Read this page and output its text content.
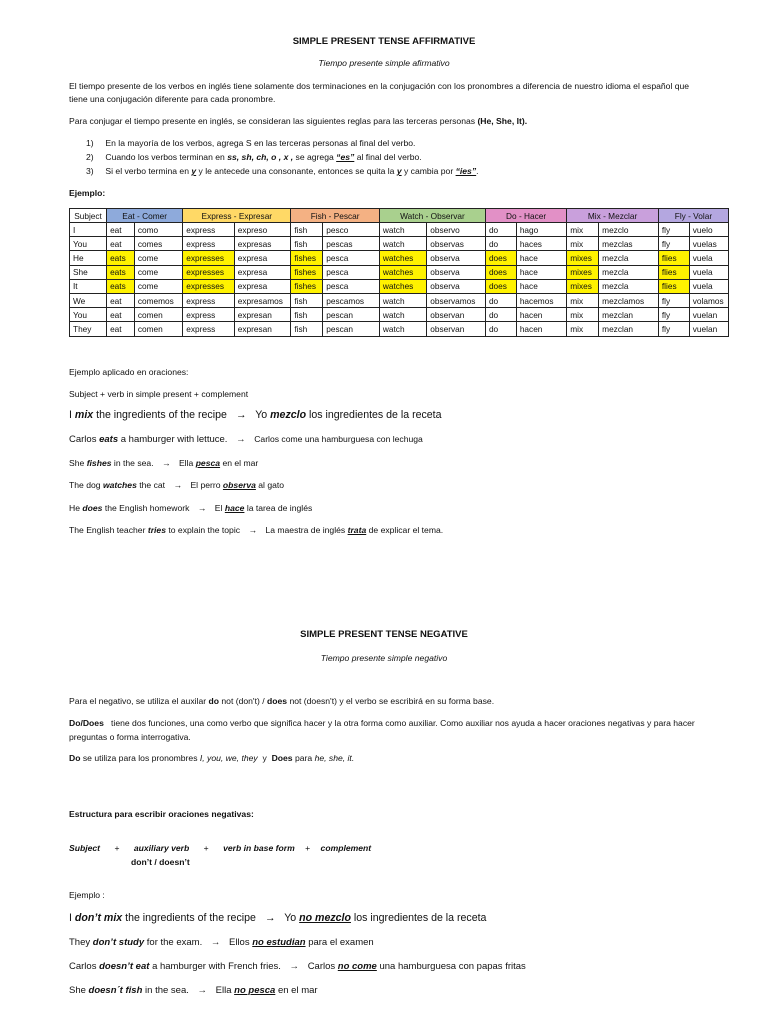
SIMPLE PRESENT TENSE AFFIRMATIVE
Tiempo presente simple afirmativo
El tiempo presente de los verbos en inglés tiene solamente dos terminaciones en la conjugación con los pronombres a diferencia de nuestro idioma el español que tiene una conjugación diferente para cada pronombre.
Para conjugar el tiempo presente en inglés, se consideran las siguientes reglas para las terceras personas (He, She, It).
1) En la mayoría de los verbos, agrega S en las terceras personas al final del verbo.
2) Cuando los verbos terminan en ss, sh, ch, o , x , se agrega “es” al final del verbo.
3) Si el verbo termina en y y le antecede una consonante, entonces se quita la y y cambia por “ies”.
Ejemplo:
Subject	Eat - Comer		Express - Expresar		Fish - Pescar		Watch - Observar		Do - Hacer		Mix - Mezclar		Fly - Volar	
I	eat	como	express	expreso	fish	pesco	watch	observo	do	hago	mix	mezclo	fly	vuelo
You	eat	comes	express	expresas	fish	pescas	watch	observas	do	haces	mix	mezclas	fly	vuelas
He	eats	come	expresses	expresa	fishes	pesca	watches	observa	does	hace	mixes	mezcla	flies	vuela
She	eats	come	expresses	expresa	fishes	pesca	watches	observa	does	hace	mixes	mezcla	flies	vuela
It	eats	come	expresses	expresa	fishes	pesca	watches	observa	does	hace	mixes	mezcla	flies	vuela
We	eat	comemos	express	expresamos	fish	pescamos	watch	observamos	do	hacemos	mix	mezclamos	fly	volamos
You	eat	comen	express	expresan	fish	pescan	watch	observan	do	hacen	mix	mezclan	fly	vuelan
They	eat	comen	express	expresan	fish	pescan	watch	observan	do	hacen	mix	mezclan	fly	vuelan
Ejemplo aplicado en oraciones:
Subject + verb in simple present + complement
I mix the ingredients of the recipe → Yo mezclo los ingredientes de la receta
Carlos eats a hamburger with lettuce. → Carlos come una hamburguesa con lechuga
She fishes in the sea. → Ella pesca en el mar
The dog watches the cat → El perro observa al gato
He does the English homework → El hace la tarea de inglés
The English teacher tries to explain the topic → La maestra de inglés trata de explicar el tema.
SIMPLE PRESENT TENSE NEGATIVE
Tiempo presente simple negativo
Para el negativo, se utiliza el auxilar do not (don't) / does not (doesn't) y el verbo se escribirá en su forma base.
Do/Does tiene dos funciones, una como verbo que significa hacer y la otra forma como auxiliar. Como auxiliar nos ayuda a hacer oraciones negativas y para hacer preguntas o forma interrogativa.
Do se utiliza para los pronombres I, you, we, they y Does para he, she, it.
Estructura para escribir oraciones negativas:
Subject + auxiliary verb + verb in base form + complement
don’t / doesn’t
Ejemplo :
I don’t mix the ingredients of the recipe → Yo no mezclo los ingredientes de la receta
They don’t study for the exam. → Ellos no estudian para el examen
Carlos doesn’t eat a hamburger with French fries. → Carlos no come una hamburguesa con papas fritas
She doesn´t fish in the sea. → Ella no pesca en el mar
